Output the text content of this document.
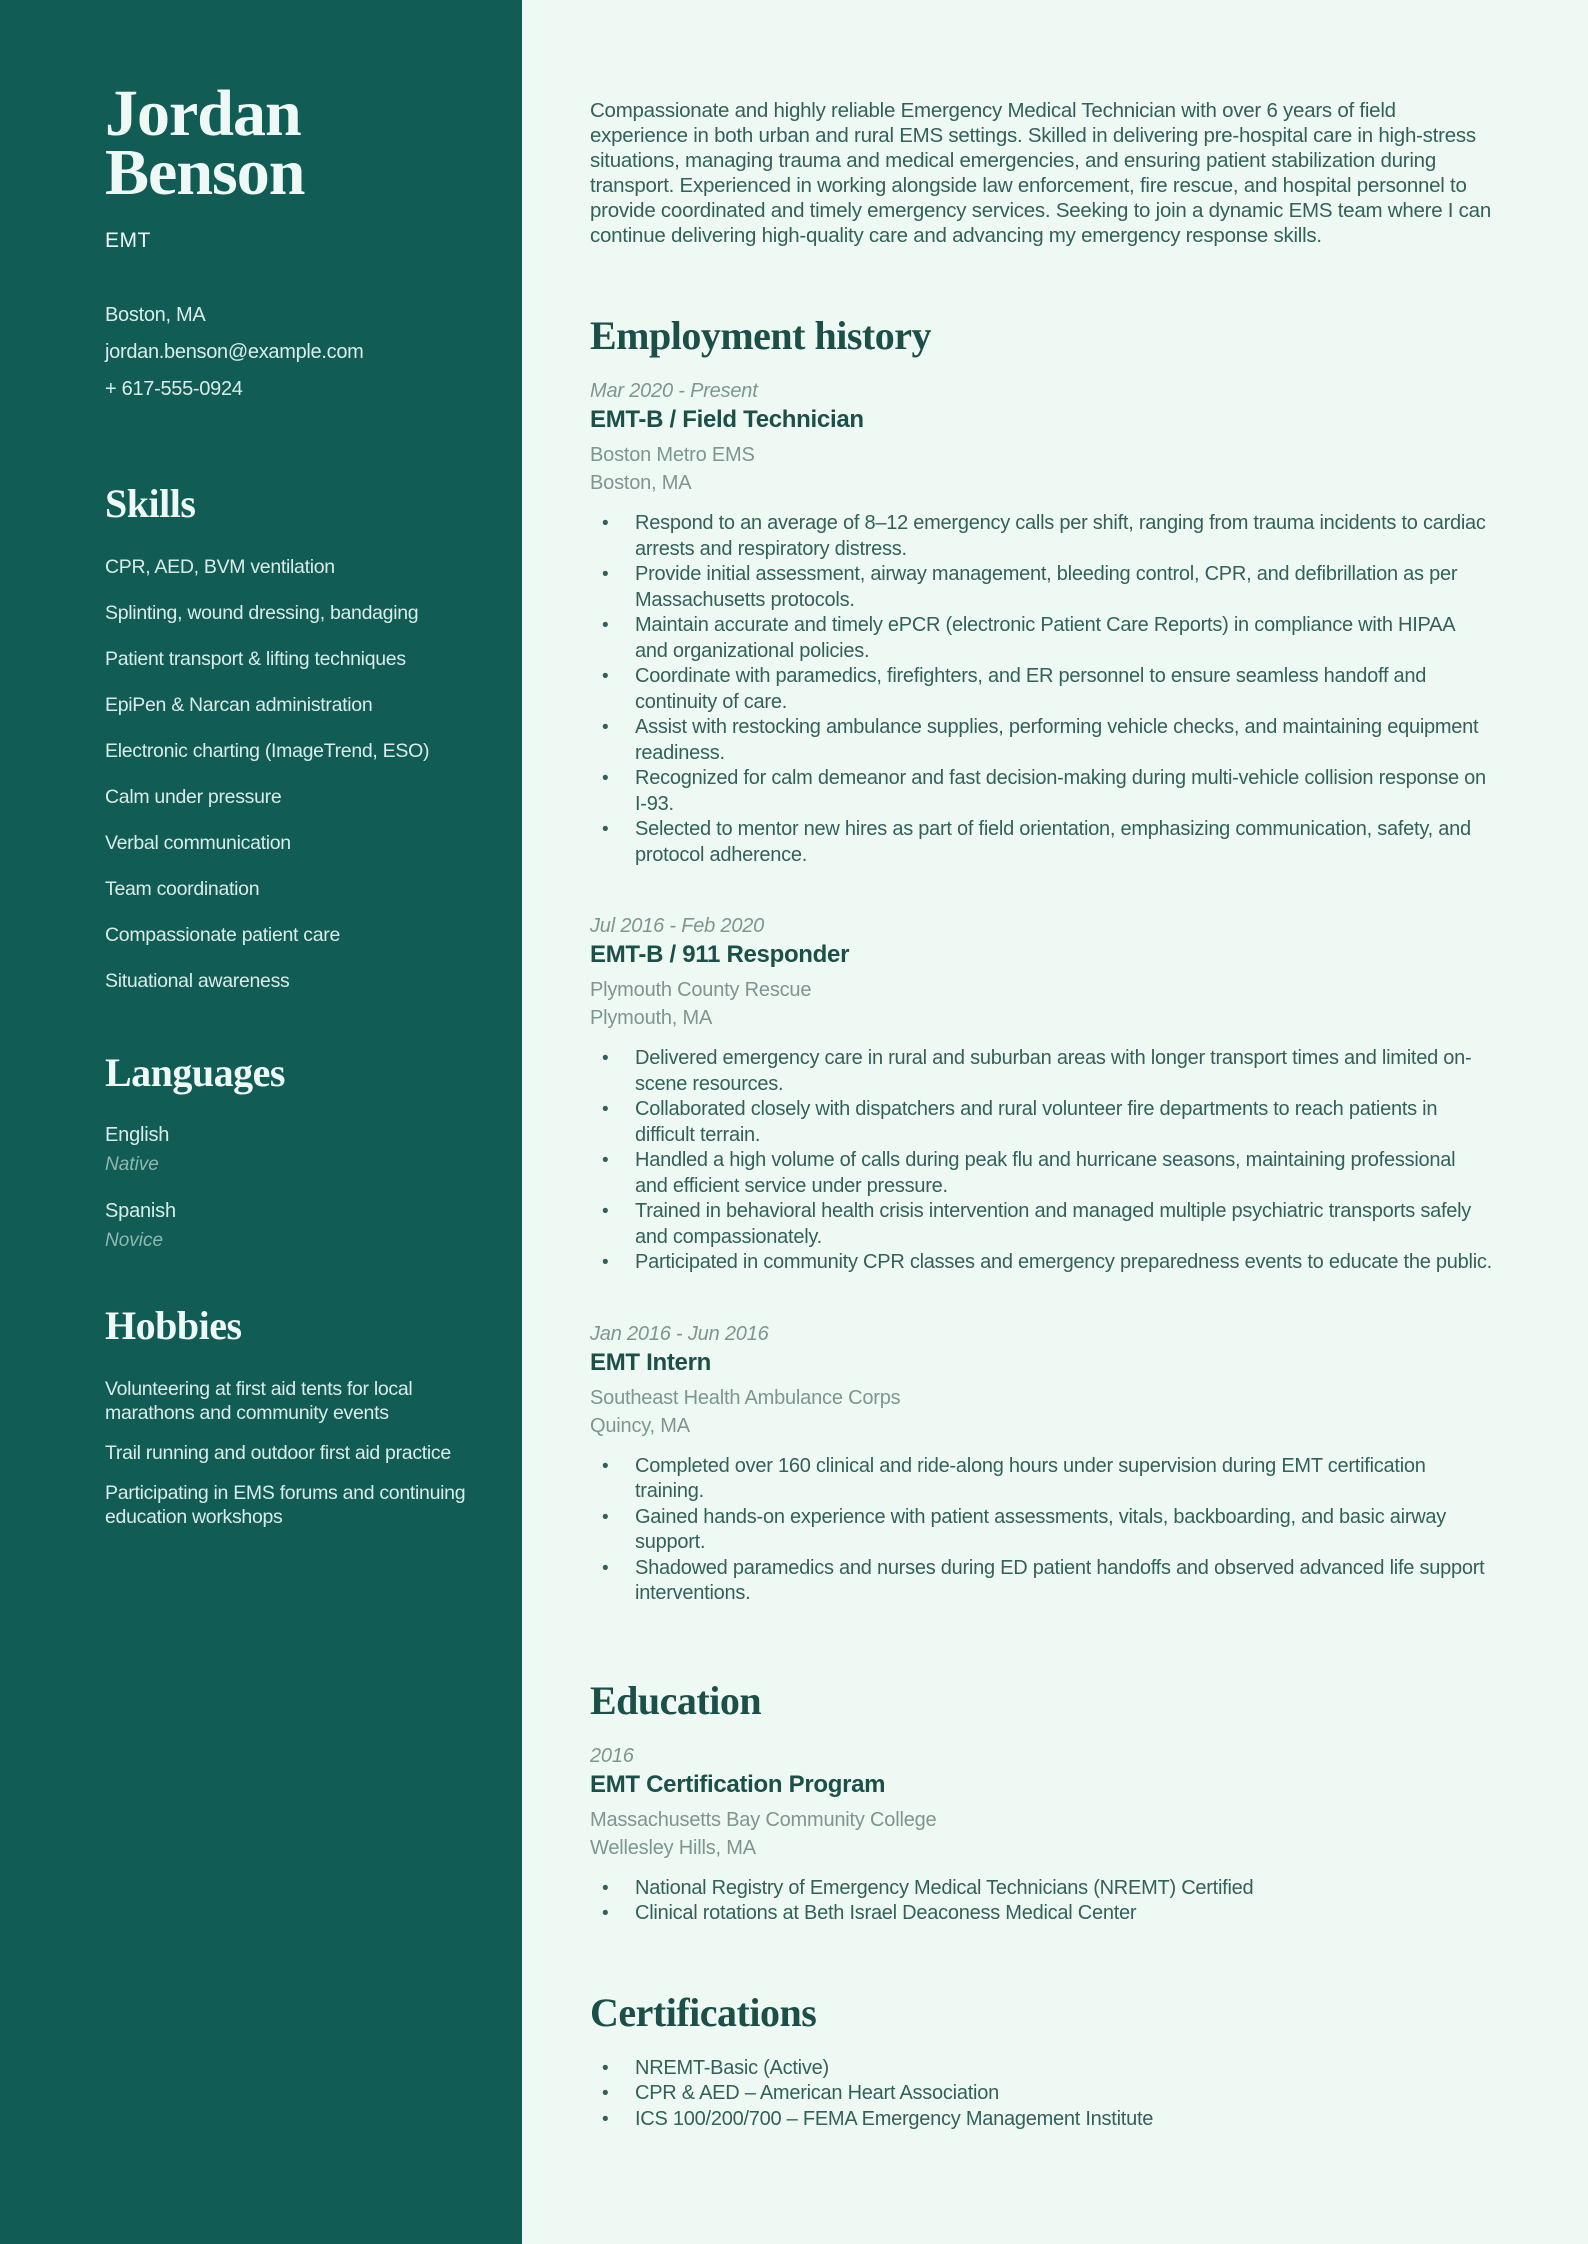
Jordan Benson
EMT
Boston, MA
jordan.benson@example.com
+ 617-555-0924
Skills
CPR, AED, BVM ventilation
Splinting, wound dressing, bandaging
Patient transport & lifting techniques
EpiPen & Narcan administration
Electronic charting (ImageTrend, ESO)
Calm under pressure
Verbal communication
Team coordination
Compassionate patient care
Situational awareness
Languages
English
Native
Spanish
Novice
Hobbies
Volunteering at first aid tents for local marathons and community events
Trail running and outdoor first aid practice
Participating in EMS forums and continuing education workshops

Compassionate and highly reliable Emergency Medical Technician with over 6 years of field experience in both urban and rural EMS settings. Skilled in delivering pre-hospital care in high-stress situations, managing trauma and medical emergencies, and ensuring patient stabilization during transport. Experienced in working alongside law enforcement, fire rescue, and hospital personnel to provide coordinated and timely emergency services. Seeking to join a dynamic EMS team where I can continue delivering high-quality care and advancing my emergency response skills.

Employment history
Mar 2020 - Present
EMT-B / Field Technician
Boston Metro EMS
Boston, MA
• Respond to an average of 8–12 emergency calls per shift, ranging from trauma incidents to cardiac arrests and respiratory distress.
• Provide initial assessment, airway management, bleeding control, CPR, and defibrillation as per Massachusetts protocols.
• Maintain accurate and timely ePCR (electronic Patient Care Reports) in compliance with HIPAA and organizational policies.
• Coordinate with paramedics, firefighters, and ER personnel to ensure seamless handoff and continuity of care.
• Assist with restocking ambulance supplies, performing vehicle checks, and maintaining equipment readiness.
• Recognized for calm demeanor and fast decision-making during multi-vehicle collision response on I-93.
• Selected to mentor new hires as part of field orientation, emphasizing communication, safety, and protocol adherence.
Jul 2016 - Feb 2020
EMT-B / 911 Responder
Plymouth County Rescue
Plymouth, MA
• Delivered emergency care in rural and suburban areas with longer transport times and limited on-scene resources.
• Collaborated closely with dispatchers and rural volunteer fire departments to reach patients in difficult terrain.
• Handled a high volume of calls during peak flu and hurricane seasons, maintaining professional and efficient service under pressure.
• Trained in behavioral health crisis intervention and managed multiple psychiatric transports safely and compassionately.
• Participated in community CPR classes and emergency preparedness events to educate the public.
Jan 2016 - Jun 2016
EMT Intern
Southeast Health Ambulance Corps
Quincy, MA
• Completed over 160 clinical and ride-along hours under supervision during EMT certification training.
• Gained hands-on experience with patient assessments, vitals, backboarding, and basic airway support.
• Shadowed paramedics and nurses during ED patient handoffs and observed advanced life support interventions.
Education
2016
EMT Certification Program
Massachusetts Bay Community College
Wellesley Hills, MA
• National Registry of Emergency Medical Technicians (NREMT) Certified
• Clinical rotations at Beth Israel Deaconess Medical Center
Certifications
• NREMT-Basic (Active)
• CPR & AED – American Heart Association
• ICS 100/200/700 – FEMA Emergency Management Institute
